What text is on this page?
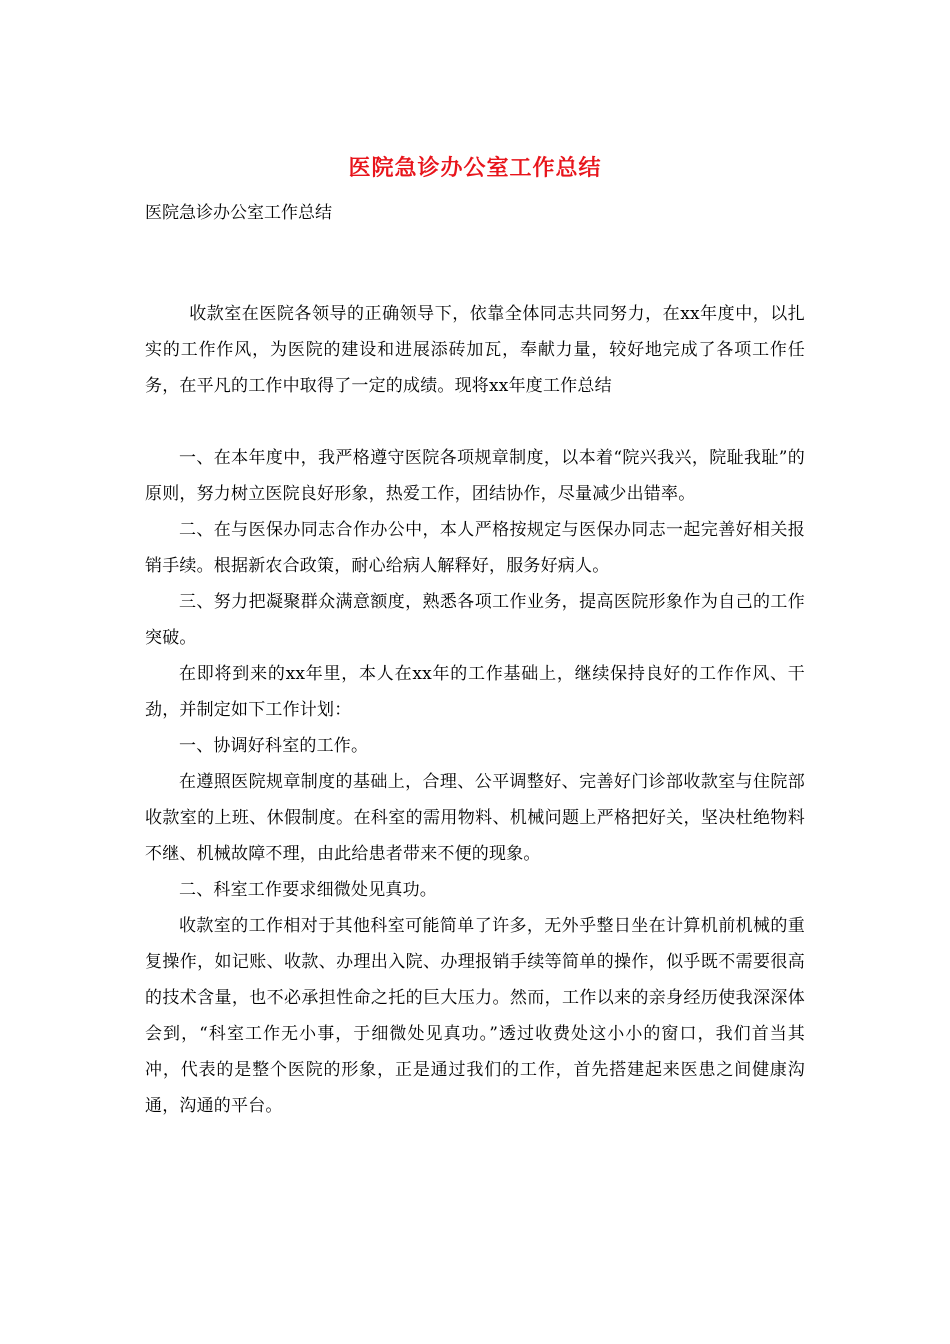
医院急诊办公室工作总结
医院急诊办公室工作总结

收款室在医院各领导的正确领导下，依靠全体同志共同努力，在xx年度中，以扎实的工作作风，为医院的建设和进展添砖加瓦，奉献力量，较好地完成了各项工作任务，在平凡的工作中取得了一定的成绩。现将xx年度工作总结

一、在本年度中，我严格遵守医院各项规章制度，以本着“院兴我兴，院耻我耻”的原则，努力树立医院良好形象，热爱工作，团结协作，尽量减少出错率。

二、在与医保办同志合作办公中，本人严格按规定与医保办同志一起完善好相关报销手续。根据新农合政策，耐心给病人解释好，服务好病人。

三、努力把凝聚群众满意额度，熟悉各项工作业务，提高医院形象作为自己的工作突破。

在即将到来的xx年里，本人在xx年的工作基础上，继续保持良好的工作作风、干劲，并制定如下工作计划：

一、协调好科室的工作。

在遵照医院规章制度的基础上，合理、公平调整好、完善好门诊部收款室与住院部收款室的上班、休假制度。在科室的需用物料、机械问题上严格把好关，坚决杜绝物料不继、机械故障不理，由此给患者带来不便的现象。

二、科室工作要求细微处见真功。

收款室的工作相对于其他科室可能简单了许多，无外乎整日坐在计算机前机械的重复操作，如记账、收款、办理出入院、办理报销手续等简单的操作，似乎既不需要很高的技术含量，也不必承担性命之托的巨大压力。然而，工作以来的亲身经历使我深深体会到，“科室工作无小事，于细微处见真功。”透过收费处这小小的窗口，我们首当其冲，代表的是整个医院的形象，正是通过我们的工作，首先搭建起来医患之间健康沟通，沟通的平台。
